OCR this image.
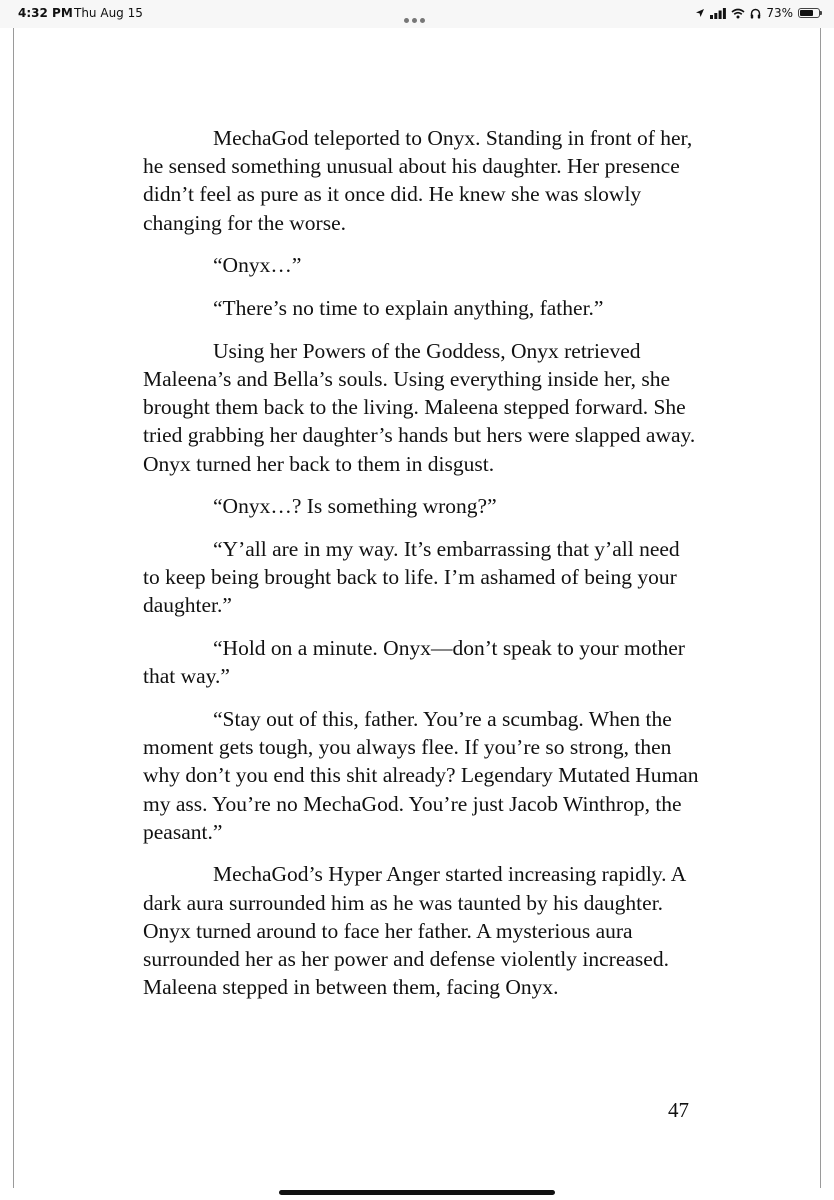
4:32 PM Thu Aug 15	73%

MechaGod teleported to Onyx. Standing in front of her, he sensed something unusual about his daughter. Her presence didn’t feel as pure as it once did. He knew she was slowly changing for the worse.

“Onyx…”

“There’s no time to explain anything, father.”

Using her Powers of the Goddess, Onyx retrieved Maleena’s and Bella’s souls. Using everything inside her, she brought them back to the living. Maleena stepped forward. She tried grabbing her daughter’s hands but hers were slapped away. Onyx turned her back to them in disgust.

“Onyx…? Is something wrong?”

“Y’all are in my way. It’s embarrassing that y’all need to keep being brought back to life. I’m ashamed of being your daughter.”

“Hold on a minute. Onyx—don’t speak to your mother that way.”

“Stay out of this, father. You’re a scumbag. When the moment gets tough, you always flee. If you’re so strong, then why don’t you end this shit already? Legendary Mutated Human my ass. You’re no MechaGod. You’re just Jacob Winthrop, the peasant.”

MechaGod’s Hyper Anger started increasing rapidly. A dark aura surrounded him as he was taunted by his daughter. Onyx turned around to face her father. A mysterious aura surrounded her as her power and defense violently increased. Maleena stepped in between them, facing Onyx.

47
